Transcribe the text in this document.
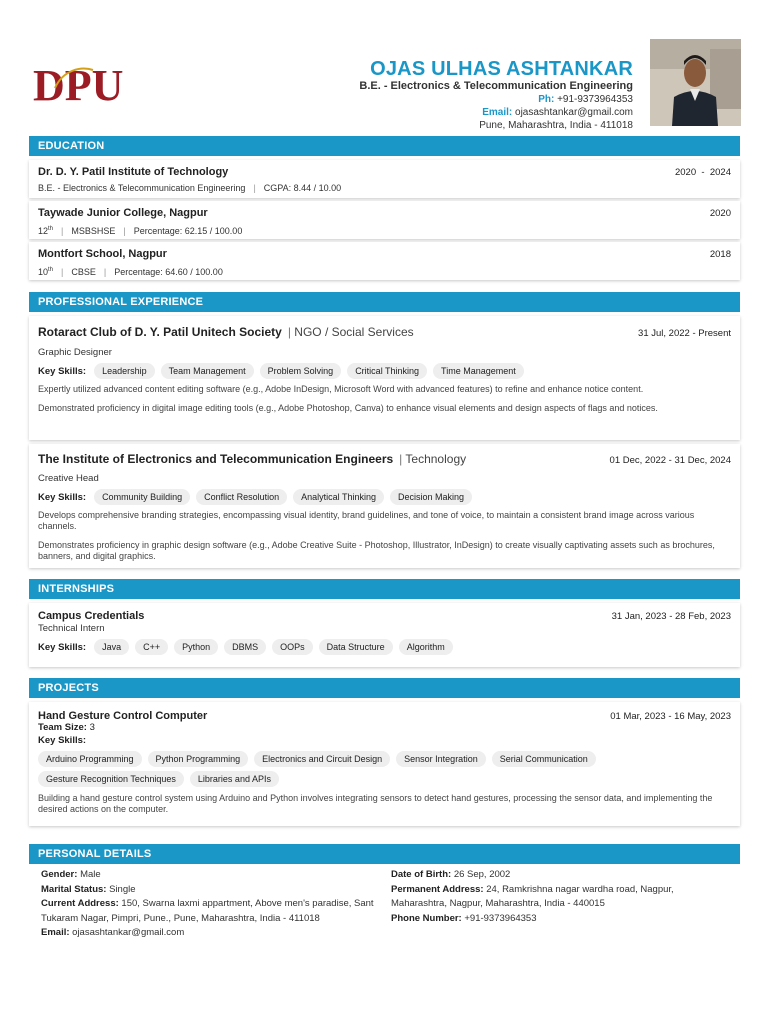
DPU	OJAS ULHAS ASHTANKAR
B.E. - Electronics & Telecommunication Engineering
Ph: +91-9373964353
Email: ojasashtankar@gmail.com
Pune, Maharashtra, India - 411018
EDUCATION
Dr. D. Y. Patil Institute of Technology	2020 - 2024
B.E. - Electronics & Telecommunication Engineering | CGPA: 8.44 / 10.00
Taywade Junior College, Nagpur	2020
12th | MSBSHSE | Percentage: 62.15 / 100.00
Montfort School, Nagpur	2018
10th | CBSE | Percentage: 64.60 / 100.00
PROFESSIONAL EXPERIENCE
Rotaract Club of D. Y. Patil Unitech Society | NGO / Social Services	31 Jul, 2022 - Present
Graphic Designer
Key Skills:	Leadership	Team Management	Problem Solving	Critical Thinking	Time Management
Expertly utilized advanced content editing software (e.g., Adobe InDesign, Microsoft Word with advanced features) to refine and enhance notice content.
Demonstrated proficiency in digital image editing tools (e.g., Adobe Photoshop, Canva) to enhance visual elements and design aspects of flags and notices.
The Institute of Electronics and Telecommunication Engineers | Technology	01 Dec, 2022 - 31 Dec, 2024
Creative Head
Key Skills:	Community Building	Conflict Resolution	Analytical Thinking	Decision Making
Develops comprehensive branding strategies, encompassing visual identity, brand guidelines, and tone of voice, to maintain a consistent brand image across various channels.
Demonstrates proficiency in graphic design software (e.g., Adobe Creative Suite - Photoshop, Illustrator, InDesign) to create visually captivating assets such as brochures, banners, and digital graphics.
INTERNSHIPS
Campus Credentials	31 Jan, 2023 - 28 Feb, 2023
Technical Intern
Key Skills:	Java	C++	Python	DBMS	OOPs	Data Structure	Algorithm
PROJECTS
Hand Gesture Control Computer	01 Mar, 2023 - 16 May, 2023
Team Size: 3
Key Skills:
Arduino Programming	Python Programming	Electronics and Circuit Design	Sensor Integration	Serial Communication
Gesture Recognition Techniques	Libraries and APIs
Building a hand gesture control system using Arduino and Python involves integrating sensors to detect hand gestures, processing the sensor data, and implementing the desired actions on the computer.
PERSONAL DETAILS
Gender: Male
Marital Status: Single
Current Address: 150, Swarna laxmi appartment, Above men's paradise, Sant Tukaram Nagar, Pimpri, Pune., Pune, Maharashtra, India - 411018
Email: ojasashtankar@gmail.com
Date of Birth: 26 Sep, 2002
Permanent Address: 24, Ramkrishna nagar wardha road, Nagpur, Maharashtra, Nagpur, Maharashtra, India - 440015
Phone Number: +91-9373964353
